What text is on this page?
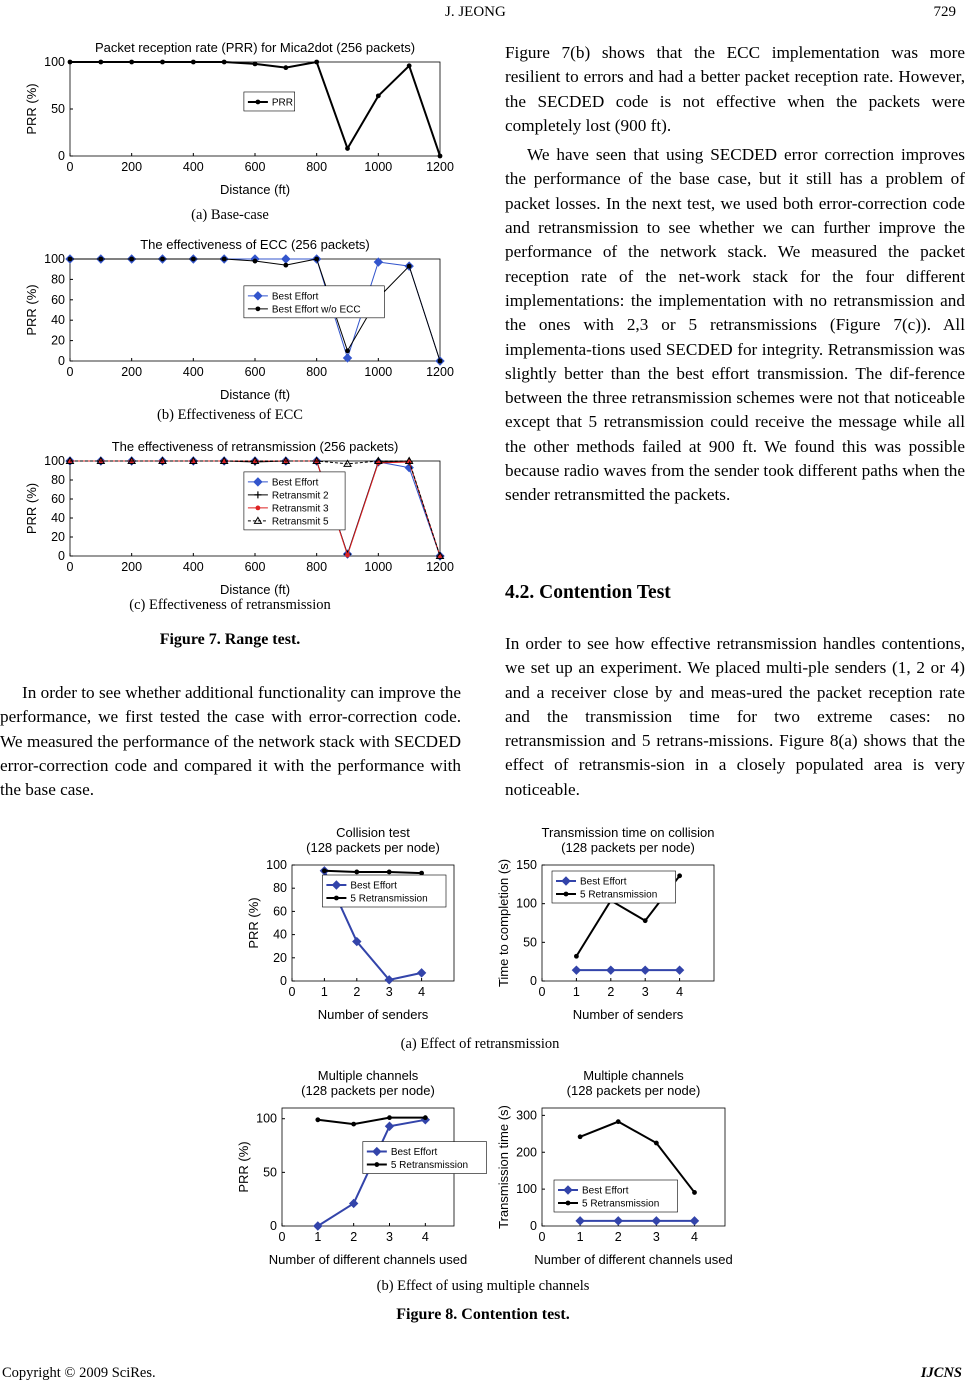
J. JEONG	729
Packet reception rate (PRR) for Mica2dot (256 packets)
0	200	400	600	800	1000	1200
0
50
100
Distance (ft)
PRR (%)	PRR
(a) Base-case
The effectiveness of ECC (256 packets)
0	200	400	600	800	1000	1200
0
20
40
60
80
100
Distance (ft)
PRR (%)	Best Effort
Best Effort w/o ECC
(b) Effectiveness of ECC
The effectiveness of retransmission (256 packets)
0	200	400	600	800	1000	1200
0
20
40
60
80
100
Distance (ft)
PRR (%)	Best Effort
Retransmit 2
Retransmit 3
Retransmit 5
(c) Effectiveness of retransmission
Figure 7. Range test.

In order to see whether additional functionality can improve the performance, we first tested the case with error-correction code. We measured the performance of the network stack with SECDED error-correction code and compared it with the performance with the base case.

Figure 7(b) shows that the ECC implementation was more resilient to errors and had a better packet reception rate. However, the SECDED code is not effective when the packets were completely lost (900 ft).

We have seen that using SECDED error correction improves the performance of the base case, but it still has a problem of packet losses. In the next test, we used both error-correction code and retransmission to see whether we can further improve the performance of the network stack. We measured the packet reception rate of the net-work stack for the four different implementations: the implementation with no retransmission and the ones with 2,3 or 5 retransmissions (Figure 7(c)). All implementa-tions used SECDED for integrity. Retransmission was slightly better than the best effort transmission. The dif-ference between the three retransmission schemes were not that noticeable except that 5 retransmission could receive the message while all the other methods failed at 900 ft. We found this was possible because radio waves from the sender took different paths when the sender retransmitted the packets.

4.2. Contention Test

In order to see how effective retransmission handles contentions, we set up an experiment. We placed multi-ple senders (1, 2 or 4) and a receiver close by and meas-ured the packet reception rate and the transmission time for two extreme cases: no retransmission and 5 retrans-missions. Figure 8(a) shows that the effect of retransmis-sion in a closely populated area is very noticeable.

Collision test (128 packets per node)
0 1 2 3 4
0
20
40
60
80
100
Number of senders
PRR (%)
Best Effort
5 Retransmission
Transmission time on collision (128 packets per node)
0 1 2 3 4
0
50
100
150
Number of senders
Time to completion (s)	Best Effort
5 Retransmission
(a) Effect of retransmission
Multiple channels (128 packets per node)
0 1 2 3 4
0
50
100
Number of different channels used
PRR (%)	Best Effort
5 Retransmission
Multiple channels (128 packets per node)
0 1 2 3 4
0
100
200
300
Number of different channels used
Transmission time (s)	Best Effort
5 Retransmission
(b) Effect of using multiple channels
Figure 8. Contention test.
Copyright © 2009 SciRes.	IJCNS
